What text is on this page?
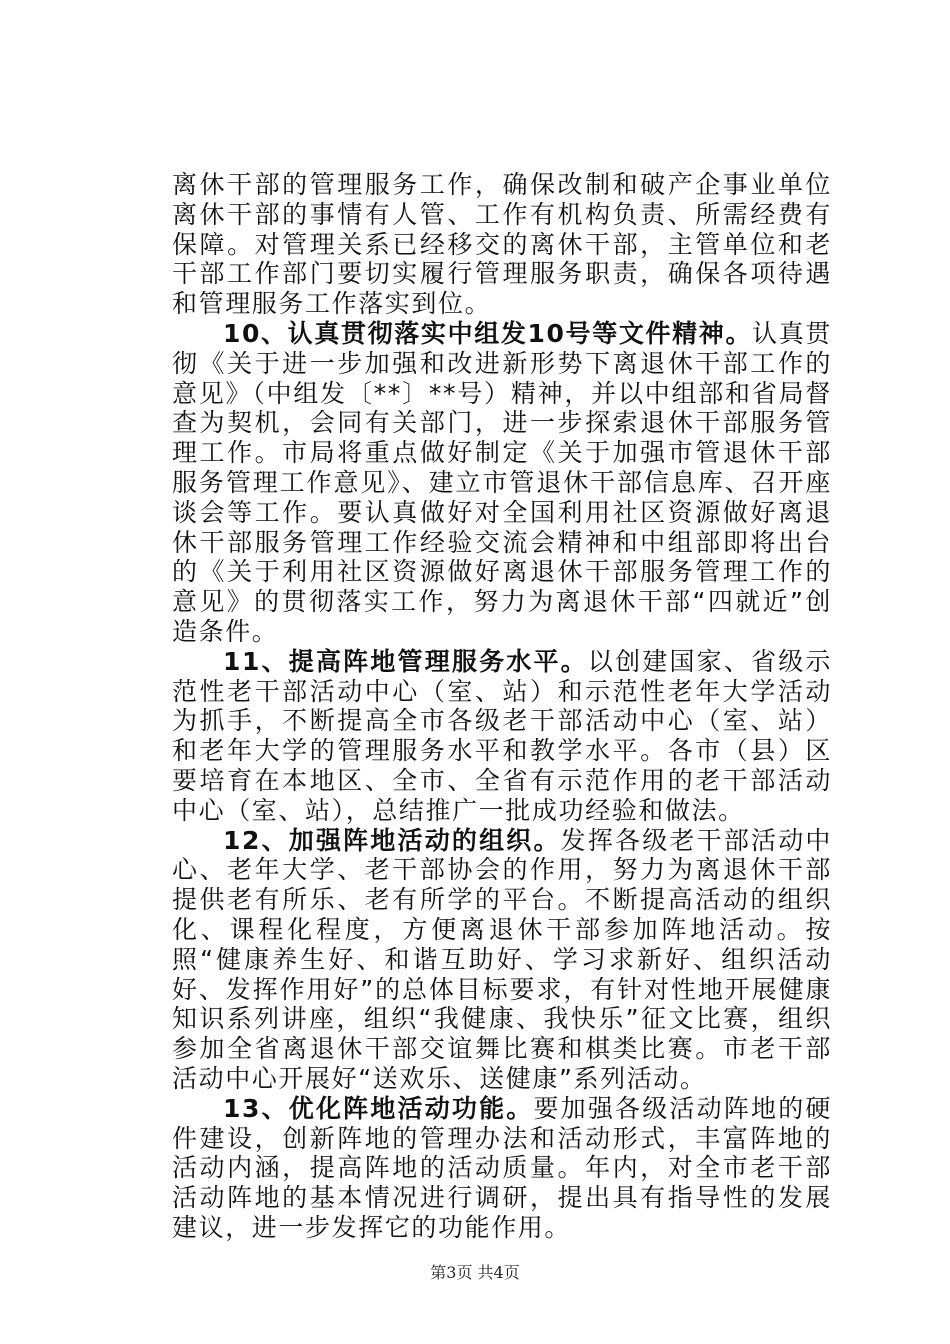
离休干部的管理服务工作，确保改制和破产企事业单位离休干部的事情有人管、工作有机构负责、所需经费有保障。对管理关系已经移交的离休干部，主管单位和老干部工作部门要切实履行管理服务职责，确保各项待遇和管理服务工作落实到位。

10、认真贯彻落实中组发10号等文件精神。认真贯彻《关于进一步加强和改进新形势下离退休干部工作的意见》（中组发〔**〕**号）精神，并以中组部和省局督查为契机，会同有关部门，进一步探索退休干部服务管理工作。市局将重点做好制定《关于加强市管退休干部服务管理工作意见》、建立市管退休干部信息库、召开座谈会等工作。要认真做好对全国利用社区资源做好离退休干部服务管理工作经验交流会精神和中组部即将出台的《关于利用社区资源做好离退休干部服务管理工作的意见》的贯彻落实工作，努力为离退休干部“四就近”创造条件。

11、提高阵地管理服务水平。以创建国家、省级示范性老干部活动中心（室、站）和示范性老年大学活动为抓手，不断提高全市各级老干部活动中心（室、站）和老年大学的管理服务水平和教学水平。各市（县）区要培育在本地区、全市、全省有示范作用的老干部活动中心（室、站），总结推广一批成功经验和做法。

12、加强阵地活动的组织。发挥各级老干部活动中心、老年大学、老干部协会的作用，努力为离退休干部提供老有所乐、老有所学的平台。不断提高活动的组织化、课程化程度，方便离退休干部参加阵地活动。按照“健康养生好、和谐互助好、学习求新好、组织活动好、发挥作用好”的总体目标要求，有针对性地开展健康知识系列讲座，组织“我健康、我快乐”征文比赛，组织参加全省离退休干部交谊舞比赛和棋类比赛。市老干部活动中心开展好“送欢乐、送健康”系列活动。

13、优化阵地活动功能。要加强各级活动阵地的硬件建设，创新阵地的管理办法和活动形式，丰富阵地的活动内涵，提高阵地的活动质量。年内，对全市老干部活动阵地的基本情况进行调研，提出具有指导性的发展建议，进一步发挥它的功能作用。

第3页 共4页
